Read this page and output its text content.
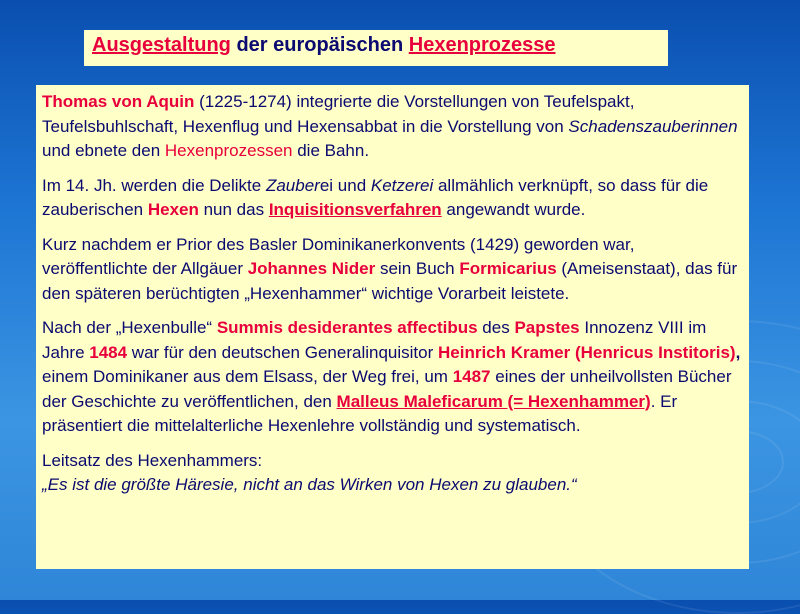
Ausgestaltung der europäischen Hexenprozesse

Thomas von Aquin (1225-1274) integrierte die Vorstellungen von Teufelspakt, Teufelsbuhlschaft, Hexenflug und Hexensabbat in die Vorstellung von Schadenszauberinnen und ebnete den Hexenprozessen die Bahn.

Im 14. Jh. werden die Delikte Zauberei und Ketzerei allmählich verknüpft, so dass für die zauberischen Hexen nun das Inquisitionsverfahren angewandt wurde.

Kurz nachdem er Prior des Basler Dominikanerkonvents (1429) geworden war, veröffentlichte der Allgäuer Johannes Nider sein Buch Formicarius (Ameisenstaat), das für den späteren berüchtigten „Hexenhammer“ wichtige Vorarbeit leistete.

Nach der „Hexenbulle“ Summis desiderantes affectibus des Papstes Innozenz VIII im Jahre 1484 war für den deutschen Generalinquisitor Heinrich Kramer (Henricus Institoris), einem Dominikaner aus dem Elsass, der Weg frei, um 1487 eines der unheilvollsten Bücher der Geschichte zu veröffentlichen, den Malleus Maleficarum (= Hexenhammer). Er präsentiert die mittelalterliche Hexenlehre vollständig und systematisch.

Leitsatz des Hexenhammers:
„Es ist die größte Häresie, nicht an das Wirken von Hexen zu glauben.“
